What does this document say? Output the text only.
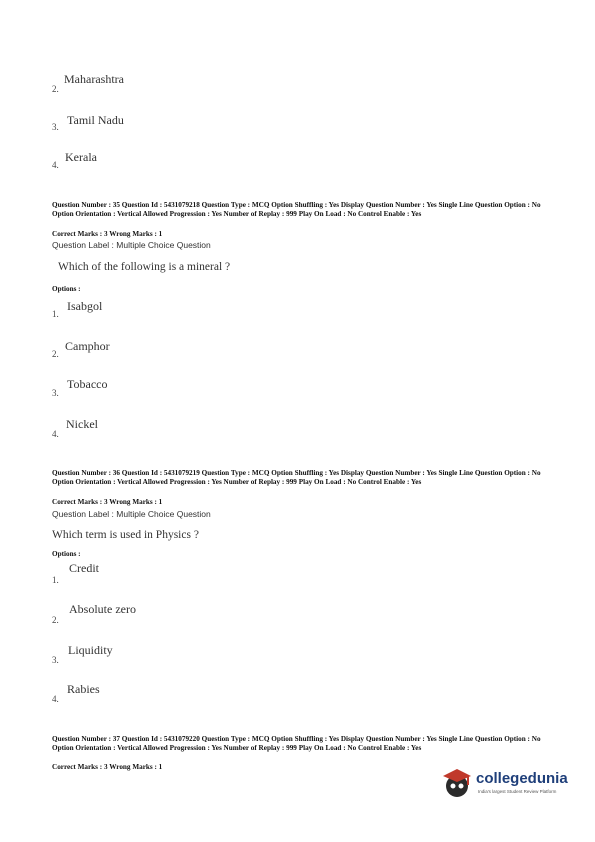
Maharashtra
2.
Tamil Nadu
3.
Kerala
4.
Question Number : 35 Question Id : 5431079218 Question Type : MCQ Option Shuffling : Yes Display Question Number : Yes Single Line Question Option : No Option Orientation : Vertical Allowed Progression : Yes Number of Replay : 999 Play On Load : No Control Enable : Yes
Correct Marks : 3 Wrong Marks : 1
Question Label : Multiple Choice Question
Which of the following is a mineral ?
Options :
Isabgol
1.
Camphor
2.
Tobacco
3.
Nickel
4.
Question Number : 36 Question Id : 5431079219 Question Type : MCQ Option Shuffling : Yes Display Question Number : Yes Single Line Question Option : No Option Orientation : Vertical Allowed Progression : Yes Number of Replay : 999 Play On Load : No Control Enable : Yes
Correct Marks : 3 Wrong Marks : 1
Question Label : Multiple Choice Question
Which term is used in Physics ?
Options :
Credit
1.
Absolute zero
2.
Liquidity
3.
Rabies
4.
Question Number : 37 Question Id : 5431079220 Question Type : MCQ Option Shuffling : Yes Display Question Number : Yes Single Line Question Option : No Option Orientation : Vertical Allowed Progression : Yes Number of Replay : 999 Play On Load : No Control Enable : Yes
Correct Marks : 3 Wrong Marks : 1
collegedunia
India's largest Student Review Platform
